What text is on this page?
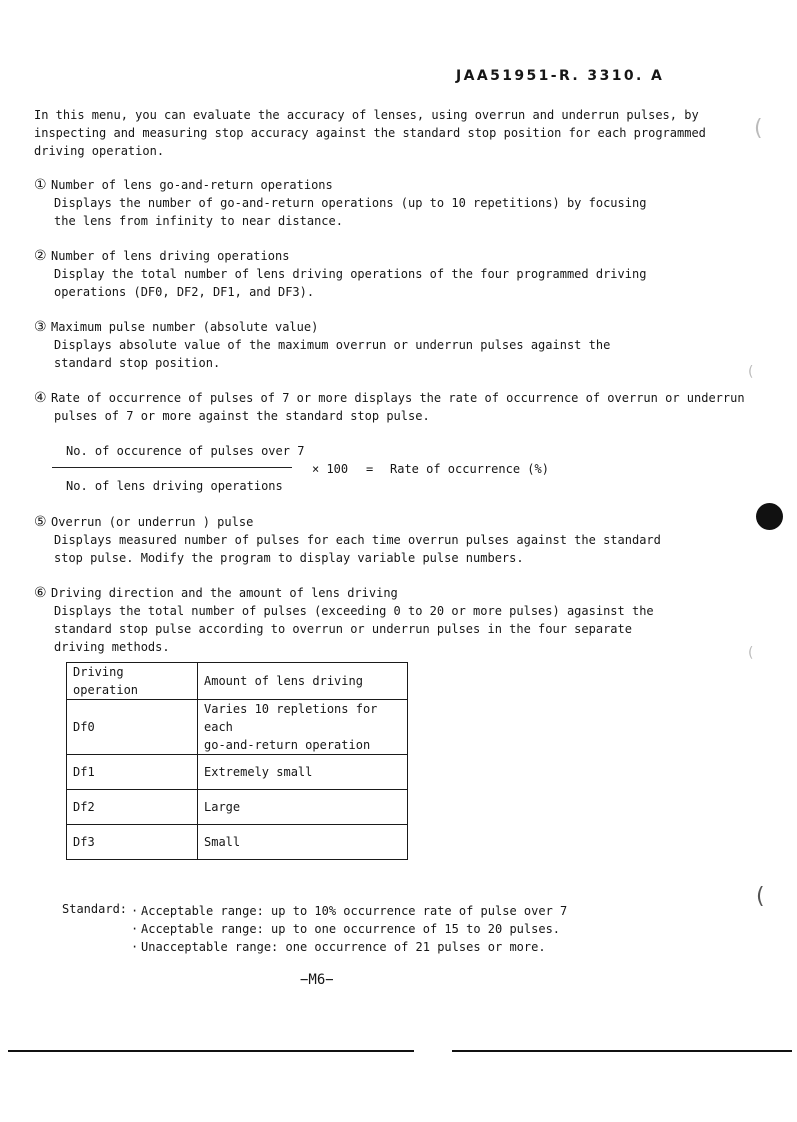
JAA51951-R. 3310. A

In this menu, you can evaluate the accuracy of lenses, using overrun and underrun pulses, by inspecting and measuring stop accuracy against the standard stop position for each programmed driving operation.

① Number of lens go-and-return operations
Displays the number of go-and-return operations (up to 10 repetitions) by focusing the lens from infinity to near distance.
② Number of lens driving operations
Display the total number of lens driving operations of the four programmed driving operations (DF0, DF2, DF1, and DF3).
③ Maximum pulse number (absolute value)
Displays absolute value of the maximum overrun or underrun pulses against the standard stop position.
④ Rate of occurrence of pulses of 7 or more displays the rate of occurrence of overrun or underrun
pulses of 7 or more against the standard stop pulse.
No. of occurence of pulses over 7
No. of lens driving operations
× 100 = Rate of occurrence (%)
⑤ Overrun (or underrun ) pulse
Displays measured number of pulses for each time overrun pulses against the standard stop pulse. Modify the program to display variable pulse numbers.
⑥ Driving direction and the amount of lens driving
Displays the total number of pulses (exceeding 0 to 20 or more pulses) agasinst the standard stop pulse according to overrun or underrun pulses in the four separate driving methods.
Driving operation	Amount of lens driving
Df0	Varies 10 repletions for each
go-and-return operation

Df1	Extremely small
Df2	Large
Df3	Small
Standard:	· Acceptable range: up to 10% occurrence rate of pulse over 7
· Acceptable range: up to one occurrence of 15 to 20 pulses.
· Unacceptable range: one occurrence of 21 pulses or more.
−M6−
(
(
(
(
